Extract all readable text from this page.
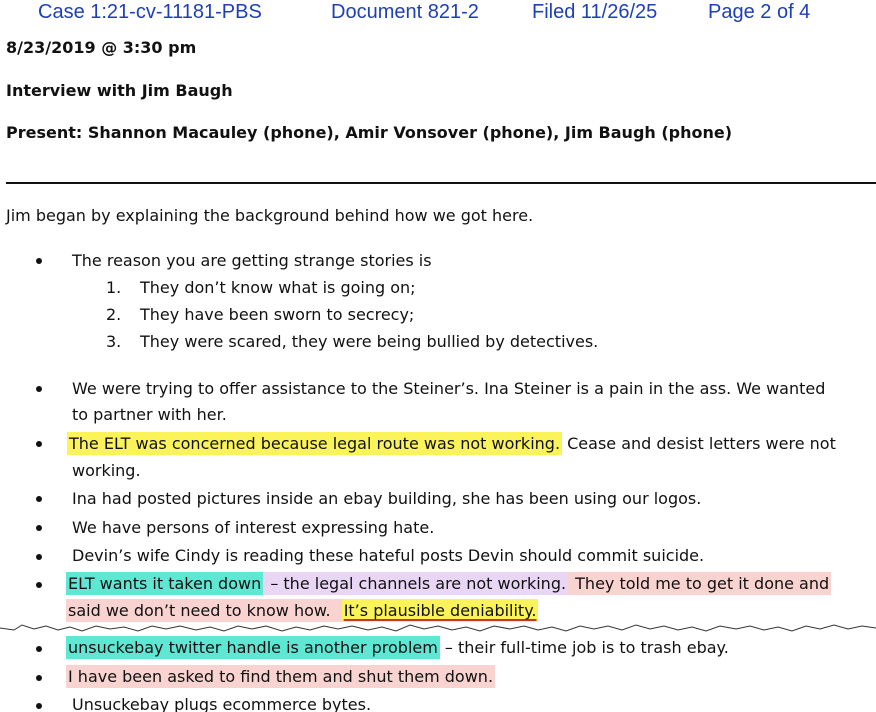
Case 1:21-cv-11181-PBS	Document 821-2	Filed 11/26/25	Page 2 of 4
8/23/2019 @ 3:30 pm
Interview with Jim Baugh
Present: Shannon Macauley (phone), Amir Vonsover (phone), Jim Baugh (phone)
Jim began by explaining the background behind how we got here.
The reason you are getting strange stories is
1. They don’t know what is going on;
2. They have been sworn to secrecy;
3. They were scared, they were being bullied by detectives.
We were trying to offer assistance to the Steiner’s. Ina Steiner is a pain in the ass. We wanted
to partner with her.
The ELT was concerned because legal route was not working. Cease and desist letters were not
working.
Ina had posted pictures inside an ebay building, she has been using our logos.
We have persons of interest expressing hate.
Devin’s wife Cindy is reading these hateful posts Devin should commit suicide.
ELT wants it taken down – the legal channels are not working. They told me to get it done and
said we don’t need to know how. It’s plausible deniability.
unsuckebay twitter handle is another problem – their full-time job is to trash ebay.
I have been asked to find them and shut them down.
Unsuckebay plugs ecommerce bytes.
